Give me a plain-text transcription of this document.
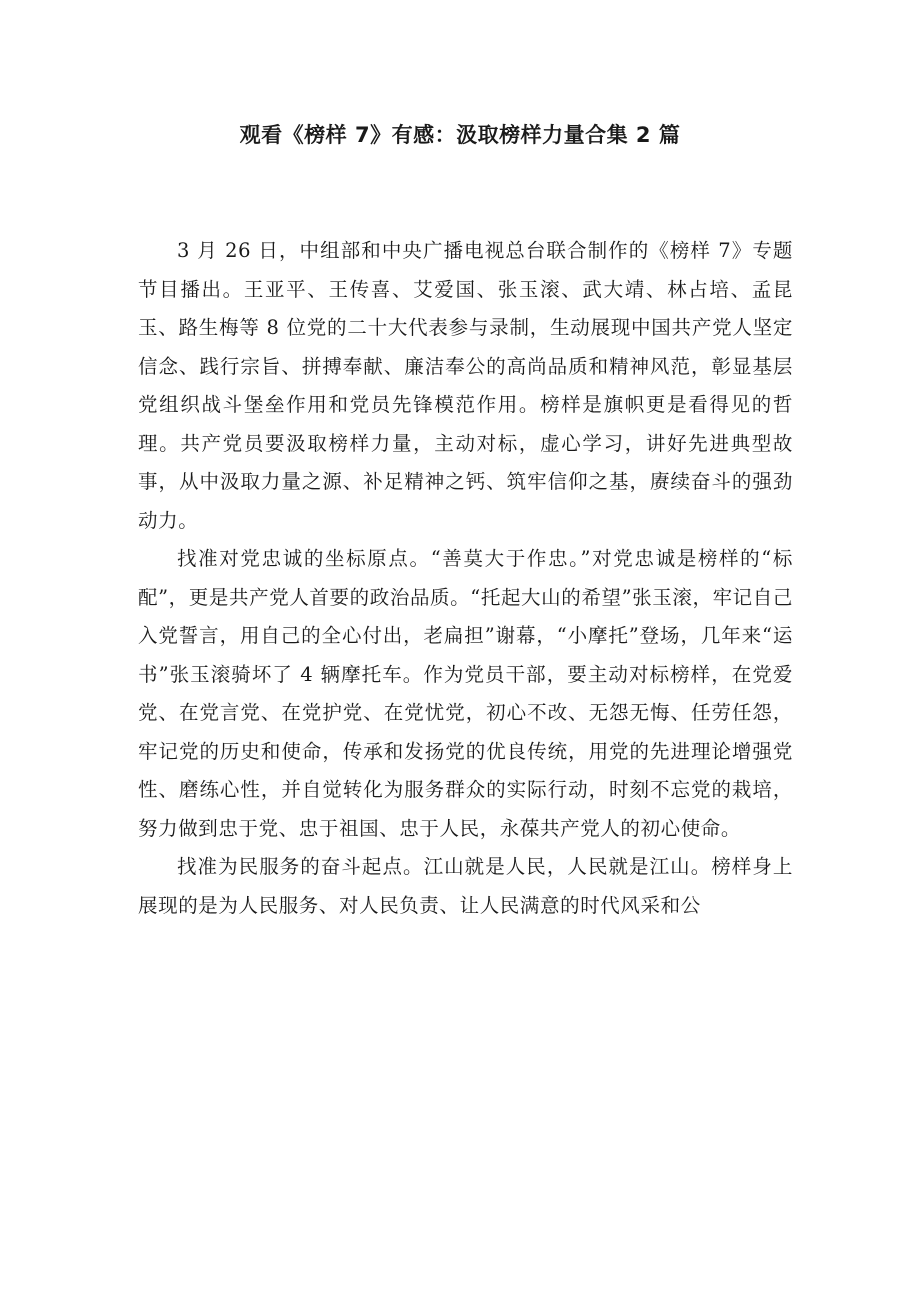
观看《榜样 7》有感：汲取榜样力量合集 2 篇

3 月 26 日，中组部和中央广播电视总台联合制作的《榜样 7》专题节目播出。王亚平、王传喜、艾爱国、张玉滚、武大靖、林占培、孟昆玉、路生梅等 8 位党的二十大代表参与录制，生动展现中国共产党人坚定信念、践行宗旨、拼搏奉献、廉洁奉公的高尚品质和精神风范，彰显基层党组织战斗堡垒作用和党员先锋模范作用。榜样是旗帜更是看得见的哲理。共产党员要汲取榜样力量，主动对标，虚心学习，讲好先进典型故事，从中汲取力量之源、补足精神之钙、筑牢信仰之基，赓续奋斗的强劲动力。

找准对党忠诚的坐标原点。“善莫大于作忠。”对党忠诚是榜样的“标配”，更是共产党人首要的政治品质。“托起大山的希望”张玉滚，牢记自己入党誓言，用自己的全心付出，老扁担”谢幕，“小摩托”登场，几年来“运书”张玉滚骑坏了 4 辆摩托车。作为党员干部，要主动对标榜样，在党爱党、在党言党、在党护党、在党忧党，初心不改、无怨无悔、任劳任怨，牢记党的历史和使命，传承和发扬党的优良传统，用党的先进理论增强党性、磨练心性，并自觉转化为服务群众的实际行动，时刻不忘党的栽培，努力做到忠于党、忠于祖国、忠于人民，永葆共产党人的初心使命。

找准为民服务的奋斗起点。江山就是人民，人民就是江山。榜样身上展现的是为人民服务、对人民负责、让人民满意的时代风采和公
